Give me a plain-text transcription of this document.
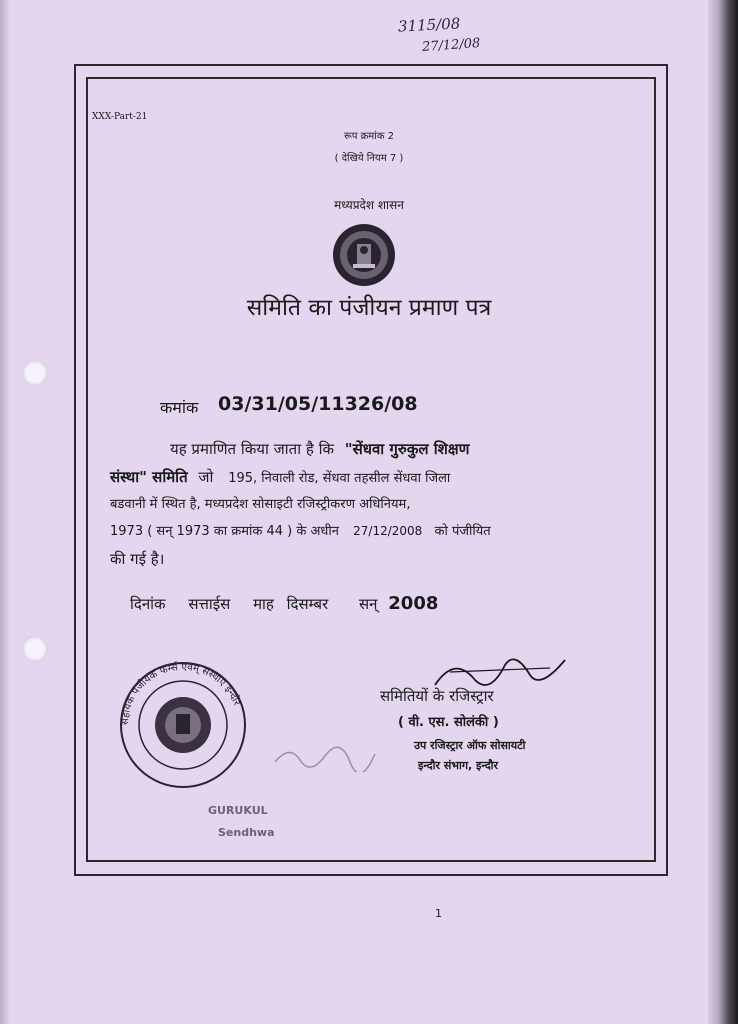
3115/08
27/12/08
XXX-Part-21
रूप क्रमांक 2
( देखिये नियम 7 )
मध्यप्रदेश शासन
समिति का पंजीयन प्रमाण पत्र
कमांक 03/31/05/11326/08
यह प्रमाणित किया जाता है कि "सेंधवा गुरुकुल शिक्षण
संस्था" समिति जो 195, निवाली रोड, सेंधवा तहसील सेंधवा जिला
बडवानी में स्थित है, मध्यप्रदेश सोसाइटी रजिस्ट्रीकरण अधिनियम,
1973 ( सन् 1973 का क्रमांक 44 ) के अधीन 27/12/2008 को पंजीयित
की गई है।
दिनांक सत्ताईस माह दिसम्बर सन् 2008
सहायक पंजीयक फर्म्स एवम् संस्थाएं इन्दौर	समितियों के रजिस्ट्रार
( वी. एस. सोलंकी )
उप रजिस्ट्रार ऑफ सोसायटी
इन्दौर संभाग, इन्दौर
GURUKUL
Sendhwa
1
